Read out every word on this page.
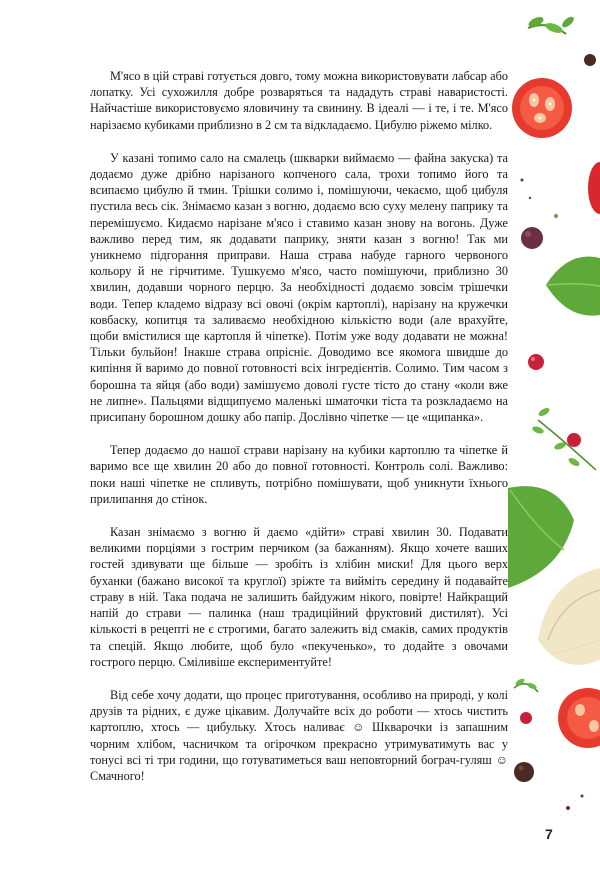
М'ясо в цій страві готується довго, тому можна використовувати лабсар або лопатку. Усі сухожилля добре розваряться та нададуть страві наваристості. Найчастіше використовуємо яловичину та свинину. В ідеалі — і те, і те. М'ясо нарізаємо кубиками приблизно в 2 см та відкладаємо. Цибулю ріжемо мілко.

У казані топимо сало на смалець (шкварки виймаємо — файна закуска) та додаємо дуже дрібно нарізаного копченого сала, трохи топимо його та всипаємо цибулю й тмин. Трішки солимо і, помішуючи, чекаємо, щоб цибуля пустила весь сік. Знімаємо казан з вогню, додаємо всю суху мелену паприку та перемішуємо. Кидаємо нарізане м'ясо і ставимо казан знову на вогонь. Дуже важливо перед тим, як додавати паприку, зняти казан з вогню! Так ми уникнемо підгорання приправи. Наша страва набуде гарного червоного кольору й не гірчитиме. Тушкуємо м'ясо, часто помішуючи, приблизно 30 хвилин, додавши чорного перцю. За необхідності додаємо зовсім трішечки води. Тепер кладемо відразу всі овочі (окрім картоплі), нарізану на кружечки ковбаску, копитця та заливаємо необхідною кількістю води (але врахуйте, щоби вмістилися ще картопля й чіпетке). Потім уже воду додавати не можна! Тільки бульйон! Інакше страва опрісніє. Доводимо все якомога швидше до кипіння й варимо до повної готовності всіх інгредієнтів. Солимо. Тим часом з борошна та яйця (або води) замішуємо доволі густе тісто до стану «коли вже не липне». Пальцями відщипуємо маленькі шматочки тіста та розкладаємо на присипану борошном дошку або папір. Дослівно чіпетке — це «щипанка».

Тепер додаємо до нашої страви нарізану на кубики картоплю та чіпетке й варимо все ще хвилин 20 або до повної готовності. Контроль солі. Важливо: поки наші чіпетке не спливуть, потрібно помішувати, щоб уникнути їхнього прилипання до стінок.

Казан знімаємо з вогню й даємо «дійти» страві хвилин 30. Подавати великими порціями з гострим перчиком (за бажанням). Якщо хочете ваших гостей здивувати ще більше — зробіть із хлібин миски! Для цього верх буханки (бажано високої та круглої) зріжте та вийміть середину й подавайте страву в ній. Така подача не залишить байдужим нікого, повірте! Найкращий напій до страви — палинка (наш традиційний фруктовий дистилят). Усі кількості в рецепті не є строгими, багато залежить від смаків, самих продуктів та спецій. Якщо любите, щоб було «пекученько», то додайте з овочами гострого перцю. Сміливіше експериментуйте!

Від себе хочу додати, що процес приготування, особливо на природі, у колі друзів та рідних, є дуже цікавим. Долучайте всіх до роботи — хтось чистить картоплю, хтось — цибульку. Хтось наливає ☺ Шкварочки із запашним чорним хлібом, часничком та огірочком прекрасно утримуватимуть вас у тонусі всі ті три години, що готуватиметься ваш неповторний бограч-гуляш ☺ Смачного!

7
